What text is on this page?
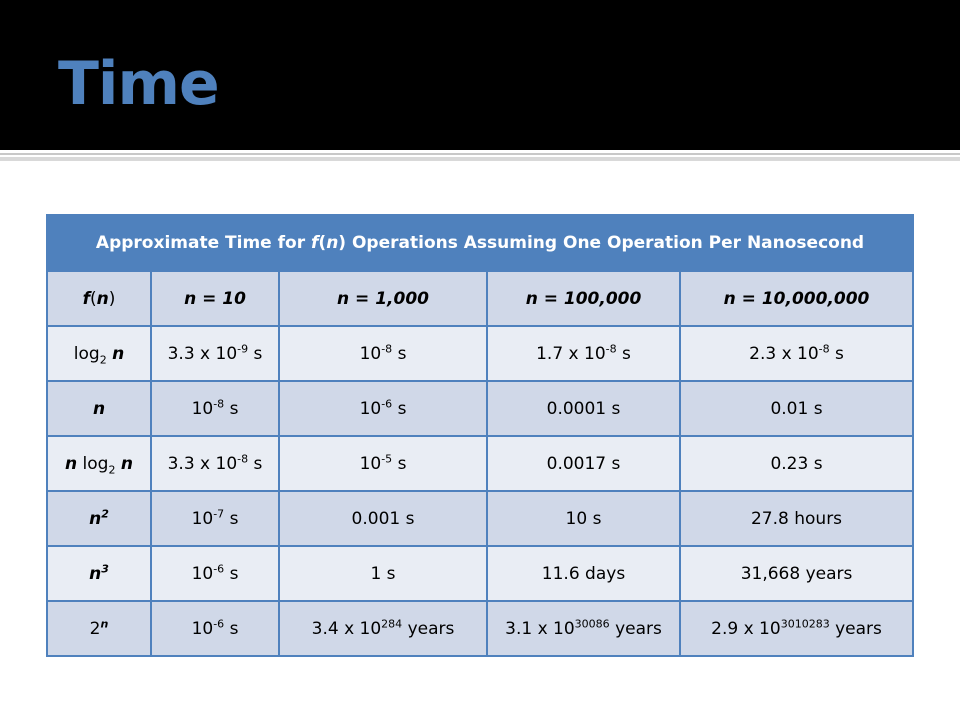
Time
Approximate Time for f(n) Operations Assuming One Operation Per Nanosecond				
f(n)	n = 10	n = 1,000	n = 100,000	n = 10,000,000
$\log_2 n$	3.3 x $10^{-9}$ s	$10^{-8}$ s	1.7 x $10^{-8}$ s	2.3 x $10^{-8}$ s
n	$10^{-8}$ s	$10^{-6}$ s	0.0001 s	0.01 s
n $\log_2 n$	3.3 x $10^{-8}$ s	$10^{-5}$ s	0.0017 s	0.23 s
$n^2$	$10^{-7}$ s	0.001 s	10 s	27.8 hours
$n^3$	$10^{-6}$ s	1 s	11.6 days	31,668 years
2$^n$	$10^{-6}$ s	3.4 x $10^{284}$ years	3.1 x $10^{30086}$ years	2.9 x $10^{3010283}$ years
